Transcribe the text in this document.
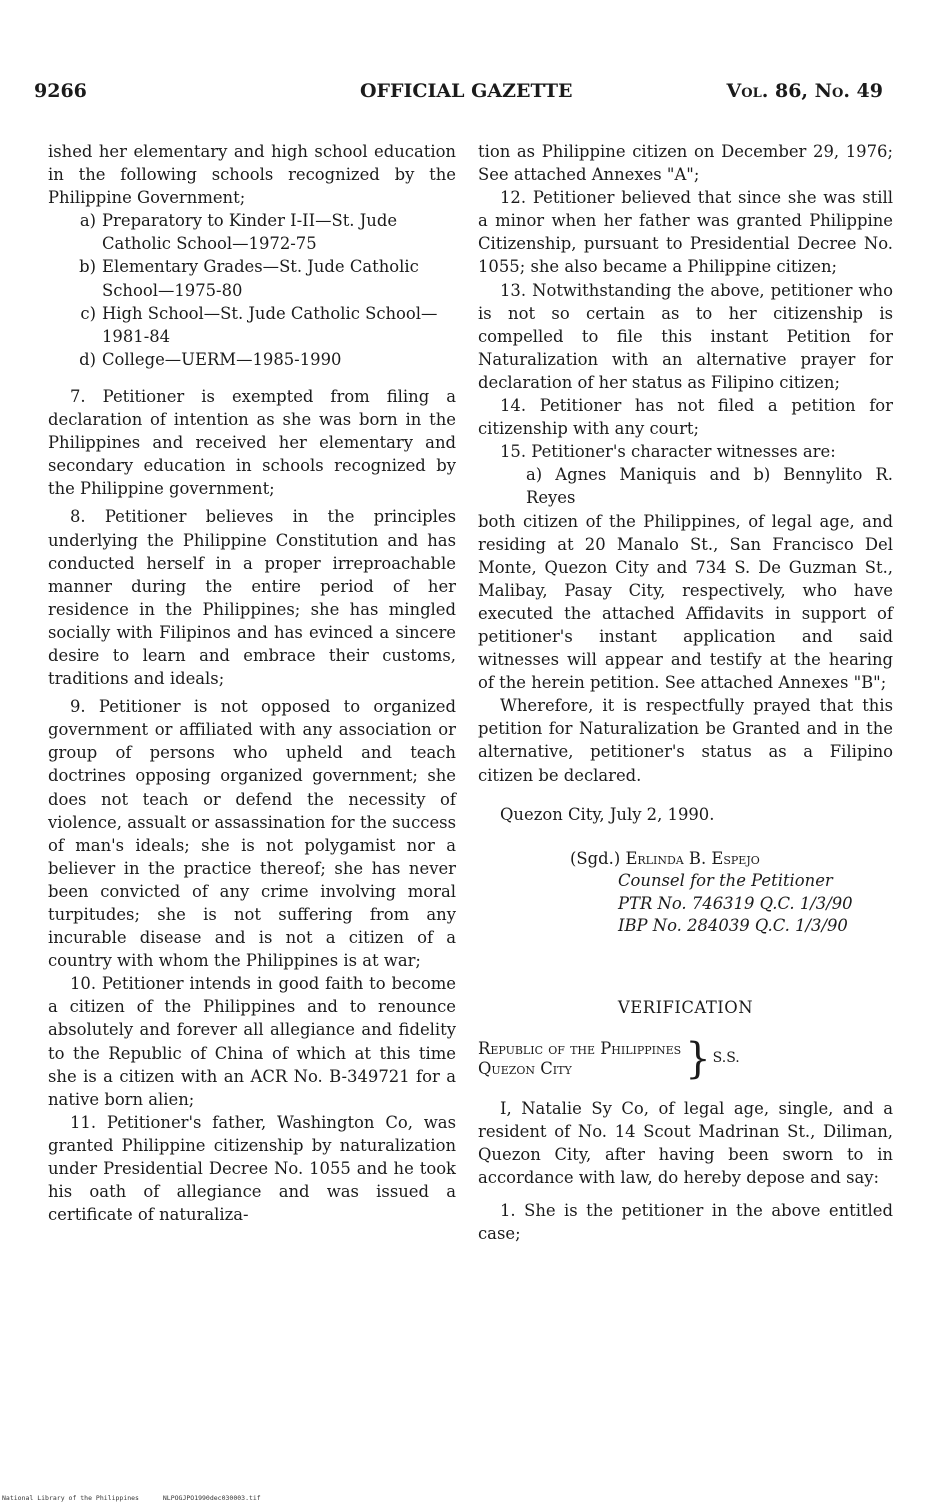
9266	OFFICIAL GAZETTE	Vol. 86, No. 49

ished her elementary and high school education in the following schools recognized by the Philippine Government;

a) Preparatory to Kinder I-II—St. Jude Catholic School—1972-75
b) Elementary Grades—St. Jude Catholic School—1975-80
c) High School—St. Jude Catholic School—1981-84
d) College—UERM—1985-1990

7. Petitioner is exempted from filing a declaration of intention as she was born in the Philippines and received her elementary and secondary education in schools recognized by the Philippine government;

8. Petitioner believes in the principles underlying the Philippine Constitution and has conducted herself in a proper irreproachable manner during the entire period of her residence in the Philippines; she has mingled socially with Filipinos and has evinced a sincere desire to learn and embrace their customs, traditions and ideals;

9. Petitioner is not opposed to organized government or affiliated with any association or group of persons who upheld and teach doctrines opposing organized government; she does not teach or defend the necessity of violence, assualt or assassination for the success of man's ideals; she is not polygamist nor a believer in the practice thereof; she has never been convicted of any crime involving moral turpitudes; she is not suffering from any incurable disease and is not a citizen of a country with whom the Philippines is at war;

10. Petitioner intends in good faith to become a citizen of the Philippines and to renounce absolutely and forever all allegiance and fidelity to the Republic of China of which at this time she is a citizen with an ACR No. B-349721 for a native born alien;

11. Petitioner's father, Washington Co, was granted Philippine citizenship by naturalization under Presidential Decree No. 1055 and he took his oath of allegiance and was issued a certificate of naturaliza-

tion as Philippine citizen on December 29, 1976; See attached Annexes "A";

12. Petitioner believed that since she was still a minor when her father was granted Philippine Citizenship, pursuant to Presidential Decree No. 1055; she also became a Philippine citizen;

13. Notwithstanding the above, petitioner who is not so certain as to her citizenship is compelled to file this instant Petition for Naturalization with an alternative prayer for declaration of her status as Filipino citizen;

14. Petitioner has not filed a petition for citizenship with any court;

15. Petitioner's character witnesses are:

a) Agnes Maniquis and b) Bennylito R. Reyes

both citizen of the Philippines, of legal age, and residing at 20 Manalo St., San Francisco Del Monte, Quezon City and 734 S. De Guzman St., Malibay, Pasay City, respectively, who have executed the attached Affidavits in support of petitioner's instant application and said witnesses will appear and testify at the hearing of the herein petition. See attached Annexes "B";

Wherefore, it is respectfully prayed that this petition for Naturalization be Granted and in the alternative, petitioner's status as a Filipino citizen be declared.

Quezon City, July 2, 1990.

(Sgd.) Erlinda B. Espejo
Counsel for the Petitioner
PTR No. 746319 Q.C. 1/3/90
IBP No. 284039 Q.C. 1/3/90

VERIFICATION

Republic of the Philippines
Quezon City	} S.S.

I, Natalie Sy Co, of legal age, single, and a resident of No. 14 Scout Madrinan St., Diliman, Quezon City, after having been sworn to in accordance with law, do hereby depose and say:

1. She is the petitioner in the above entitled case;

National Library of the Philippines	NLPOGJPO1990dec030003.tif
